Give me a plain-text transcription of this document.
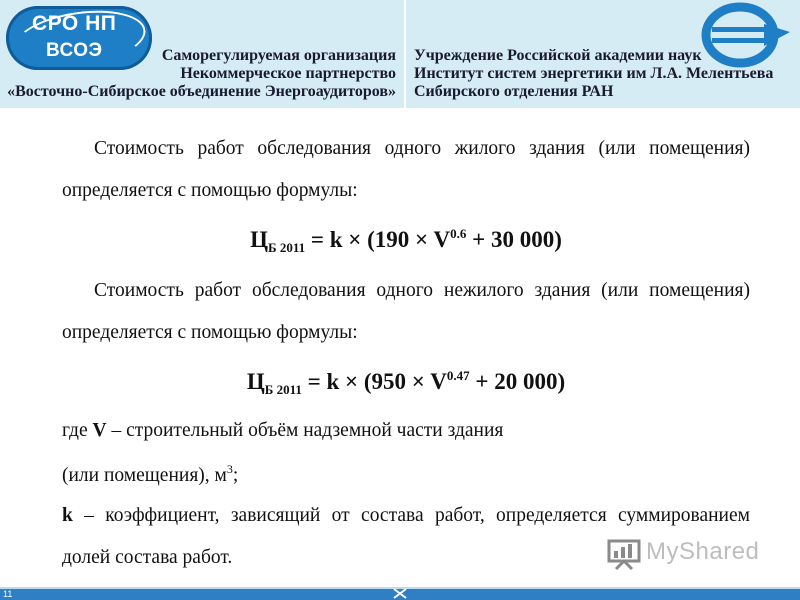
СРО НП
ВСОЭ	Саморегулируемая организация
Некоммерческое партнерство
«Восточно-Сибирское объединение Энергоаудиторов»
Учреждение Российской академии наук
Институт систем энергетики им Л.А. Мелентьева
Сибирского отделения РАН

Стоимость работ обследования одного жилого здания (или помещения) определяется с помощью формулы:

$Ц_{Б 2011} = k \times (190 \times V^{0.6} + 30$ 000)

Стоимость работ обследования одного нежилого здания (или помещения) определяется с помощью формулы:

$Ц_{Б 2011} = k \times (950 \times V^{0.47} + 20$ 000)

где V – строительный объём надземной части здания

(или помещения), $м^3$;

k – коэффициент, зависящий от состава работ, определяется суммированием долей состава работ.	MyShared
11
